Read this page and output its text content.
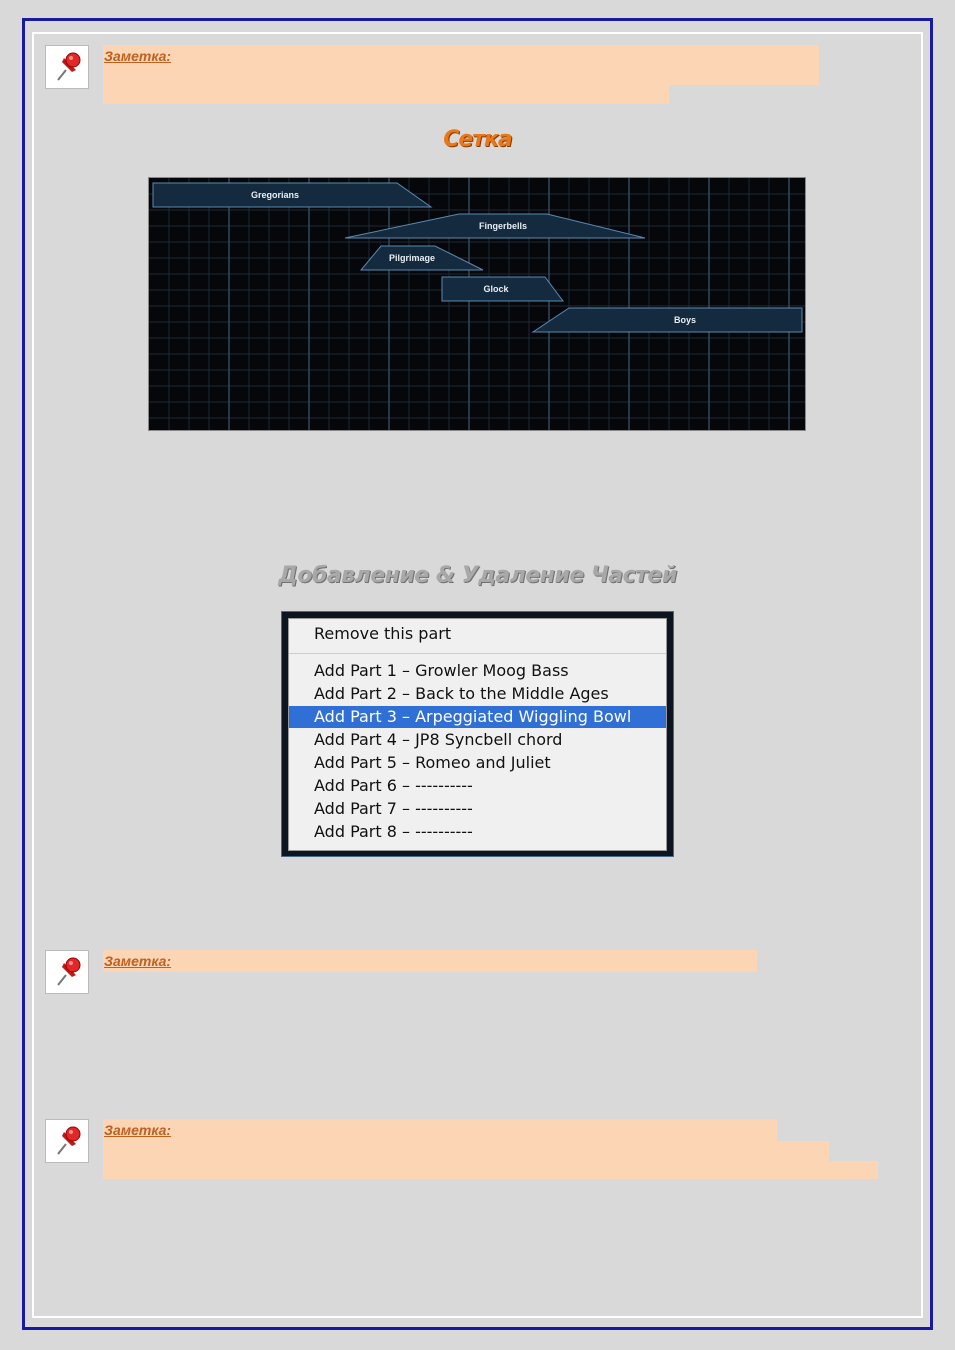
Заметка:
Сетка
Gregorians
Fingerbells
Pilgrimage
Glock
Boys
Добавление & Удаление Частей
Remove this part
Add Part 1 – Growler Moog Bass
Add Part 2 – Back to the Middle Ages
Add Part 3 – Arpeggiated Wiggling Bowl
Add Part 4 – JP8 Syncbell chord
Add Part 5 – Romeo and Juliet
Add Part 6 – ----------
Add Part 7 – ----------
Add Part 8 – ----------
Заметка:
Заметка:
